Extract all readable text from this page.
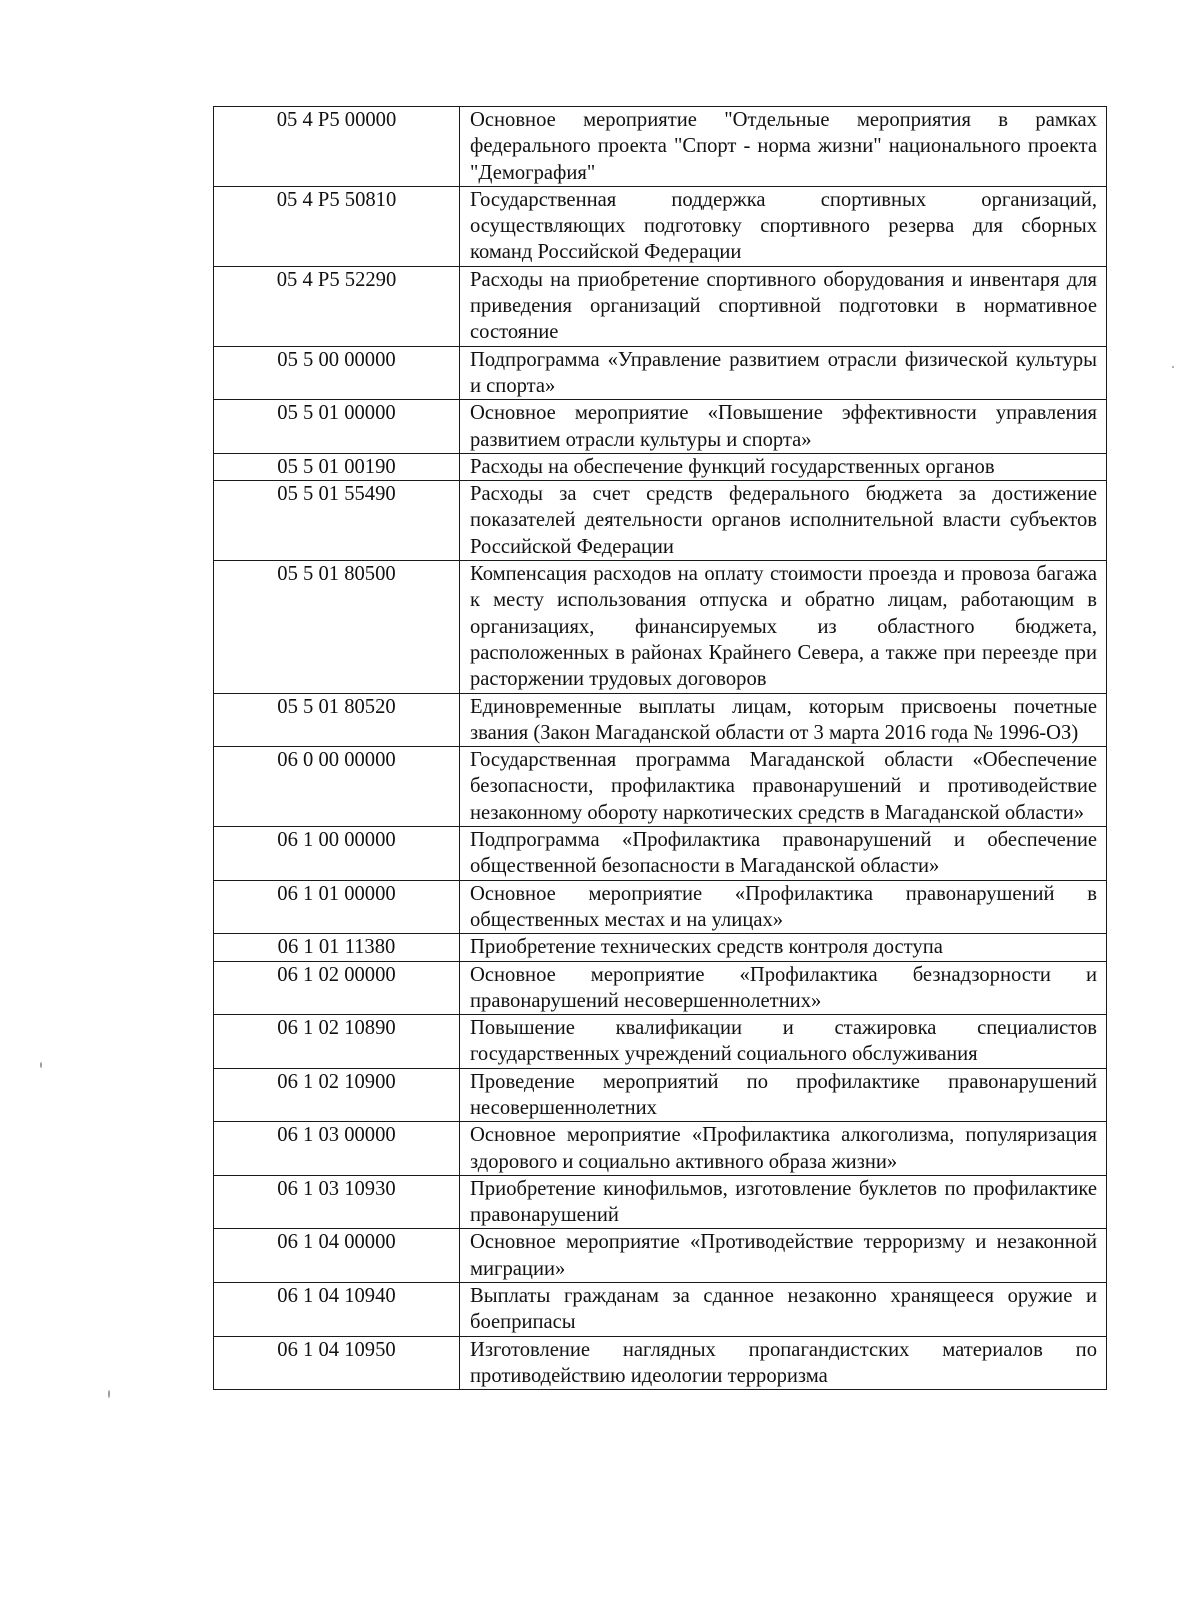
05 4 P5 00000	Основное мероприятие "Отдельные мероприятия в рамках федерального проекта "Спорт - норма жизни" национального проекта "Демография"
05 4 P5 50810	Государственная поддержка спортивных организаций, осуществляющих подготовку спортивного резерва для сборных команд Российской Федерации
05 4 P5 52290	Расходы на приобретение спортивного оборудования и инвентаря для приведения организаций спортивной подготовки в нормативное состояние
05 5 00 00000	Подпрограмма «Управление развитием отрасли физической культуры и спорта»
05 5 01 00000	Основное мероприятие «Повышение эффективности управления развитием отрасли культуры и спорта»
05 5 01 00190	Расходы на обеспечение функций государственных органов
05 5 01 55490	Расходы за счет средств федерального бюджета за достижение показателей деятельности органов исполнительной власти субъектов Российской Федерации
05 5 01 80500	Компенсация расходов на оплату стоимости проезда и провоза багажа к месту использования отпуска и обратно лицам, работающим в организациях, финансируемых из областного бюджета, расположенных в районах Крайнего Севера, а также при переезде при расторжении трудовых договоров
05 5 01 80520	Единовременные выплаты лицам, которым присвоены почетные звания (Закон Магаданской области от 3 марта 2016 года № 1996-ОЗ)
06 0 00 00000	Государственная программа Магаданской области «Обеспечение безопасности, профилактика правонарушений и противодействие незаконному обороту наркотических средств в Магаданской области»
06 1 00 00000	Подпрограмма «Профилактика правонарушений и обеспечение общественной безопасности в Магаданской области»
06 1 01 00000	Основное мероприятие «Профилактика правонарушений в общественных местах и на улицах»
06 1 01 11380	Приобретение технических средств контроля доступа
06 1 02 00000	Основное мероприятие «Профилактика безнадзорности и правонарушений несовершеннолетних»
06 1 02 10890	Повышение квалификации и стажировка специалистов государственных учреждений социального обслуживания
06 1 02 10900	Проведение мероприятий по профилактике правонарушений несовершеннолетних
06 1 03 00000	Основное мероприятие «Профилактика алкоголизма, популяризация здорового и социально активного образа жизни»
06 1 03 10930	Приобретение кинофильмов, изготовление буклетов по профилактике правонарушений
06 1 04 00000	Основное мероприятие «Противодействие терроризму и незаконной миграции»
06 1 04 10940	Выплаты гражданам за сданное незаконно хранящееся оружие и боеприпасы
06 1 04 10950	Изготовление наглядных пропагандистских материалов по противодействию идеологии терроризма
